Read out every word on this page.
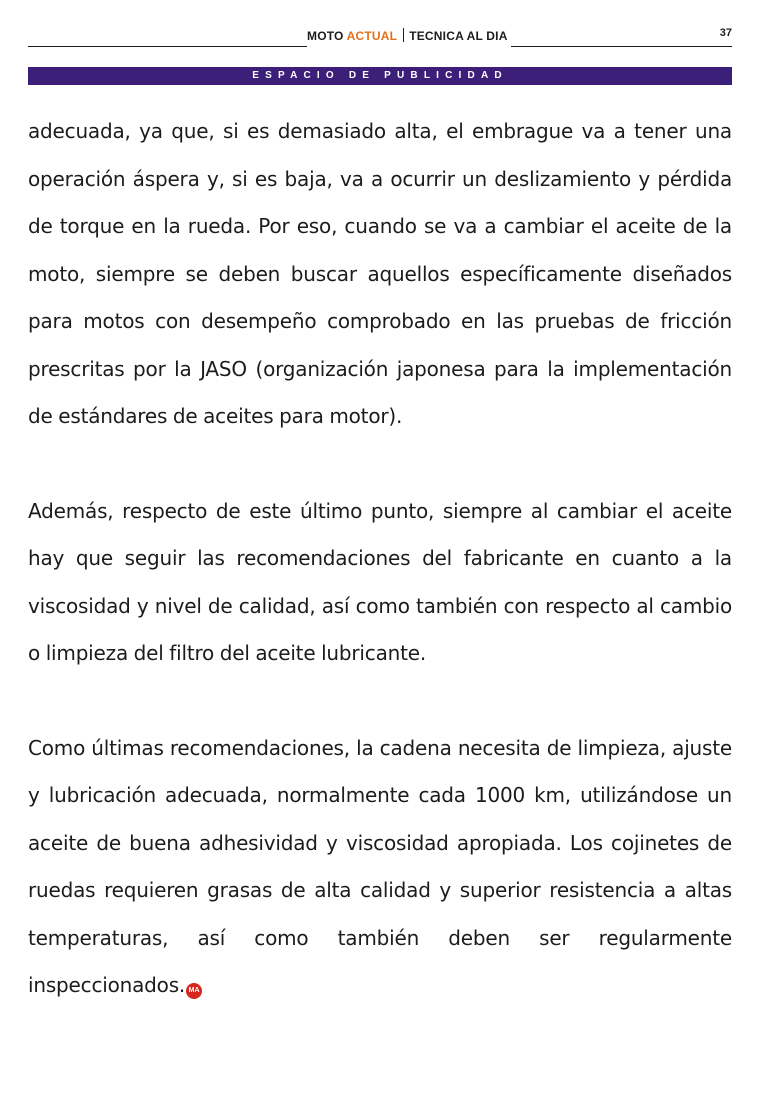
MOTO ACTUAL TECNICA AL DIA	37
ESPACIO DE PUBLICIDAD

adecuada, ya que, si es demasiado alta, el embrague va a tener una operación áspera y, si es baja, va a ocurrir un deslizamiento y pérdida de torque en la rueda. Por eso, cuando se va a cambiar el aceite de la moto, siempre se deben buscar aquellos específicamente diseñados para motos con desempeño comprobado en las pruebas de fricción prescritas por la JASO (organización japonesa para la implementación de estándares de aceites para motor).

Además, respecto de este último punto, siempre al cambiar el aceite hay que seguir las recomendaciones del fabricante en cuanto a la viscosidad y nivel de calidad, así como también con respecto al cambio o limpieza del filtro del aceite lubricante.

Como últimas recomendaciones, la cadena necesita de limpieza, ajuste y lubricación adecuada, normalmente cada 1000 km, utilizándose un aceite de buena adhesividad y viscosidad apropiada. Los cojinetes de ruedas requieren grasas de alta calidad y superior resistencia a altas temperaturas, así como también deben ser regularmente inspeccionados. MA
